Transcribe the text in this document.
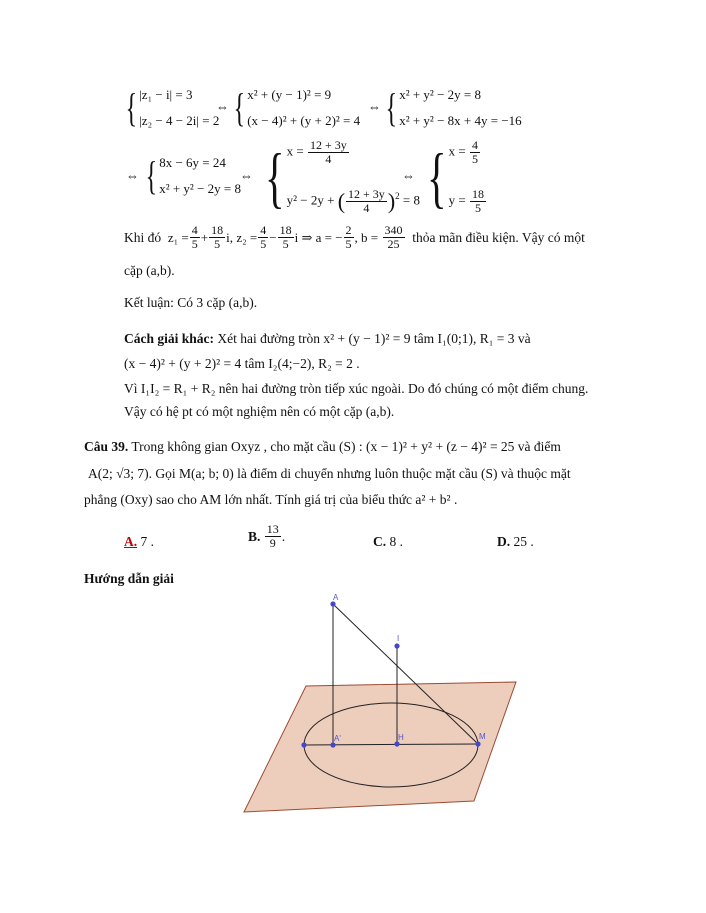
{ |z₁ − i| = 3
|z₂ − 4 − 2i| = 2
⇔ { x² + (y − 1)² = 9
(x − 4)² + (y + 2)² = 4
⇔ { x² + y² − 2y = 8
x² + y² − 8x + 4y = −16
⇔ { 8x − 6y = 24
x² + y² − 2y = 8
⇔ { $x = \frac{12 + 3y}{4}$
y² − 2y + ( $\frac{12 + 3y}{4} )^2 = 8$
⇔ { $x = \frac{4}{5}$
$y = \frac{18}{5}$
Khi đó
$z_1 = \frac{4}{5} + \frac{18}{5} i$,
$z_2 = \frac{4}{5} - \frac{18}{5}$ i ⇒ a = − $\frac{2}{5}$ , b =
$\frac{340}{25}$
thỏa mãn điều kiện. Vậy có một
cặp (a,b).
Kết luận: Có 3 cặp (a,b).
Cách giải khác: Xét hai đường tròn x² + (y − 1)² = 9 tâm I₁(0;1), R₁ = 3 và
(x − 4)² + (y + 2)² = 4 tâm I₂(4;−2), R₂ = 2 .
Vì I₁I₂ = R₁ + R₂ nên hai đường tròn tiếp xúc ngoài. Do đó chúng có một điểm chung.
Vậy có hệ pt có một nghiệm nên có một cặp (a,b).
Câu 39. Trong không gian Oxyz , cho mặt cầu (S) : (x − 1)² + y² + (z − 4)² = 25 và điểm
A(2; √3; 7). Gọi M(a; b; 0) là điểm di chuyển nhưng luôn thuộc mặt cầu (S) và thuộc mặt
phẳng (Oxy) sao cho AM lớn nhất. Tính giá trị của biểu thức a² + b² .
A. 7 .	B.
$\frac{13}{9}$ .	C. 8 .	D. 25 .
Hướng dẫn giải
A
I
A'	H	M
